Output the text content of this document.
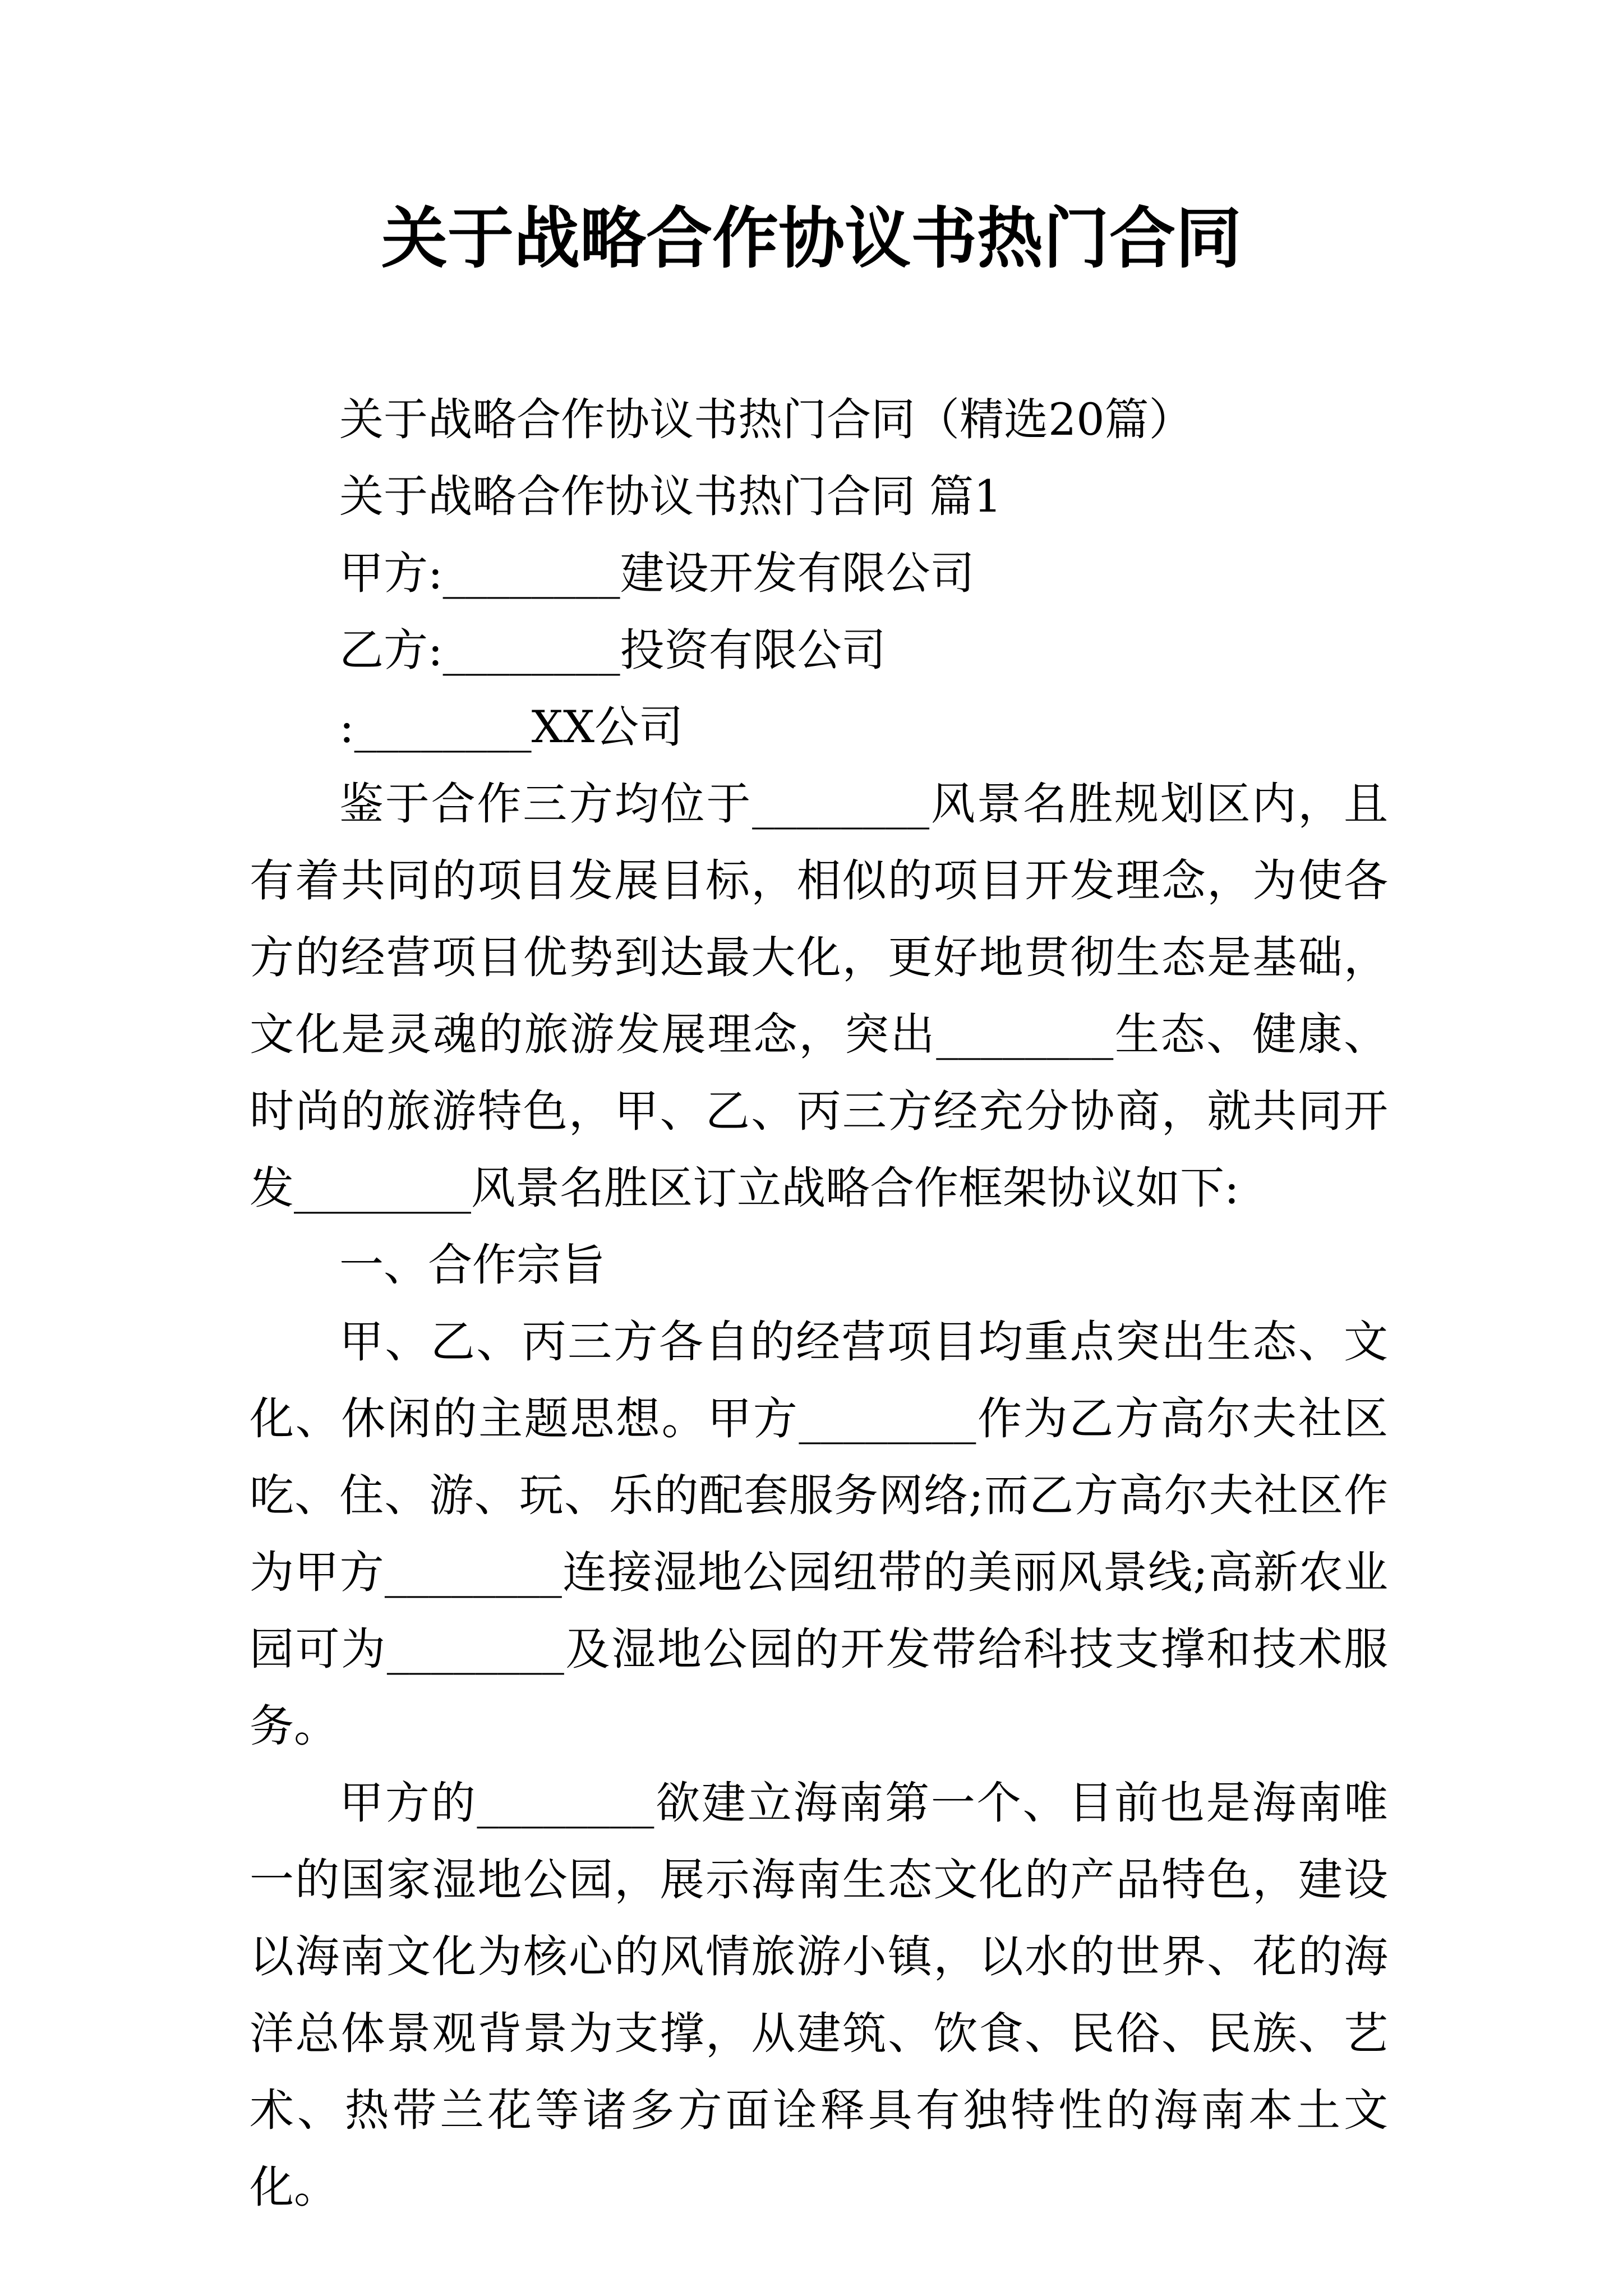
关于战略合作协议书热门合同

关于战略合作协议书热门合同（精选20篇）

关于战略合作协议书热门合同 篇1

甲方:________建设开发有限公司

乙方:________投资有限公司

:________XX公司

鉴于合作三方均位于________风景名胜规划区内，且有着共同的项目发展目标，相似的项目开发理念，为使各方的经营项目优势到达最大化，更好地贯彻生态是基础，文化是灵魂的旅游发展理念，突出________生态、健康、时尚的旅游特色，甲、乙、丙三方经充分协商，就共同开发________风景名胜区订立战略合作框架协议如下:

一、合作宗旨

甲、乙、丙三方各自的经营项目均重点突出生态、文化、休闲的主题思想。甲方________作为乙方高尔夫社区吃、住、游、玩、乐的配套服务网络;而乙方高尔夫社区作为甲方________连接湿地公园纽带的美丽风景线;高新农业园可为________及湿地公园的开发带给科技支撑和技术服务。

甲方的________欲建立海南第一个、目前也是海南唯一的国家湿地公园，展示海南生态文化的产品特色，建设以海南文化为核心的风情旅游小镇，以水的世界、花的海洋总体景观背景为支撑，从建筑、饮食、民俗、民族、艺术、热带兰花等诸多方面诠释具有独特性的海南本土文化。
